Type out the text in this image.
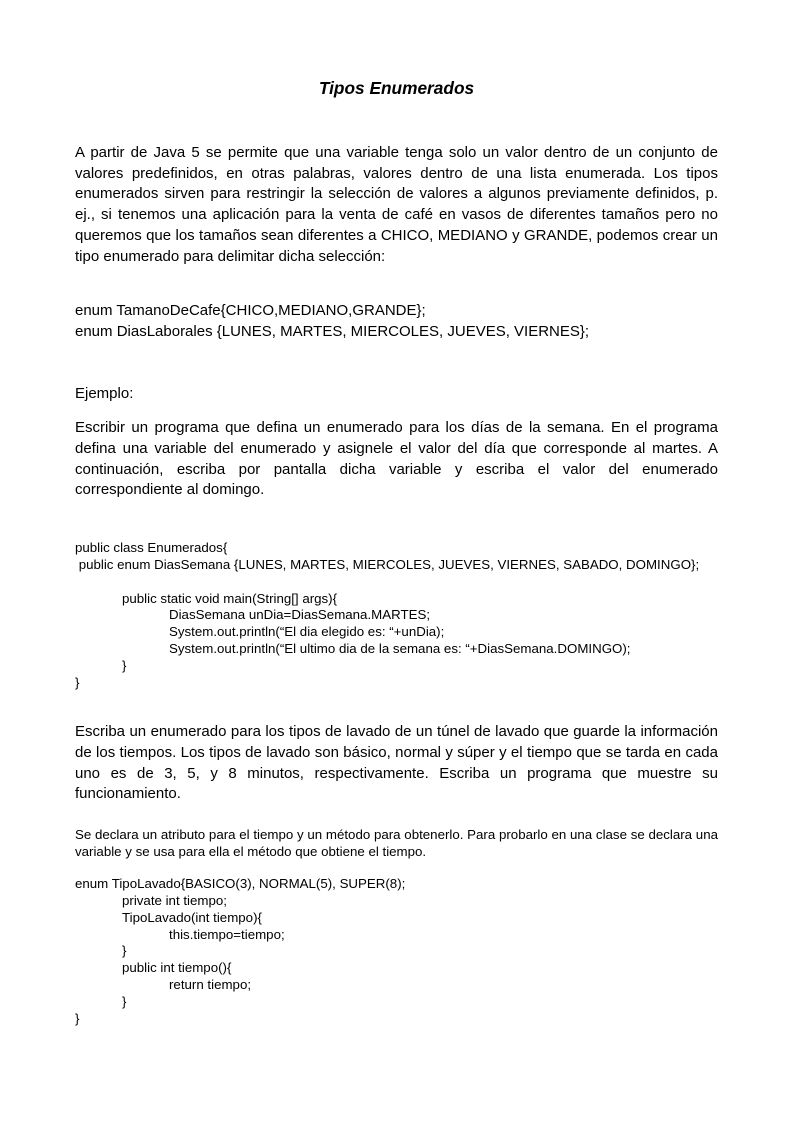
Tipos Enumerados

A partir de Java 5 se permite que una variable tenga solo un valor dentro de un conjunto de valores predefinidos, en otras palabras, valores dentro de una lista enumerada. Los tipos enumerados sirven para restringir la selección de valores a algunos previamente definidos, p. ej., si tenemos una aplicación para la venta de café en vasos de diferentes tamaños pero no queremos que los tamaños sean diferentes a CHICO, MEDIANO y GRANDE, podemos crear un tipo enumerado para delimitar dicha selección:

enum TamanoDeCafe{CHICO,MEDIANO,GRANDE};
enum DiasLaborales {LUNES, MARTES, MIERCOLES, JUEVES, VIERNES};

Ejemplo:

Escribir un programa que defina un enumerado para los días de la semana. En el programa defina una variable del enumerado y asignele el valor del día que corresponde al martes. A continuación, escriba por pantalla dicha variable y escriba el valor del enumerado correspondiente al domingo.

public class Enumerados{
public enum DiasSemana {LUNES, MARTES, MIERCOLES, JUEVES, VIERNES, SABADO, DOMINGO};
	public static void main(String[] args){
		DiasSemana unDia=DiasSemana.MARTES;
		System.out.println(“El dia elegido es: “+unDia);
		System.out.println(“El ultimo dia de la semana es: “+DiasSemana.DOMINGO);
	}
}

Escriba un enumerado para los tipos de lavado de un túnel de lavado que guarde la información de los tiempos. Los tipos de lavado son básico, normal y súper y el tiempo que se tarda en cada uno es de 3, 5, y 8 minutos, respectivamente. Escriba un programa que muestre su funcionamiento.

Se declara un atributo para el tiempo y un método para obtenerlo. Para probarlo en una clase se declara una variable y se usa para ella el método que obtiene el tiempo.

enum TipoLavado{BASICO(3), NORMAL(5), SUPER(8);
	private int tiempo;
	TipoLavado(int tiempo){
		this.tiempo=tiempo;
	}
	public int tiempo(){
		return tiempo;
	}
}
